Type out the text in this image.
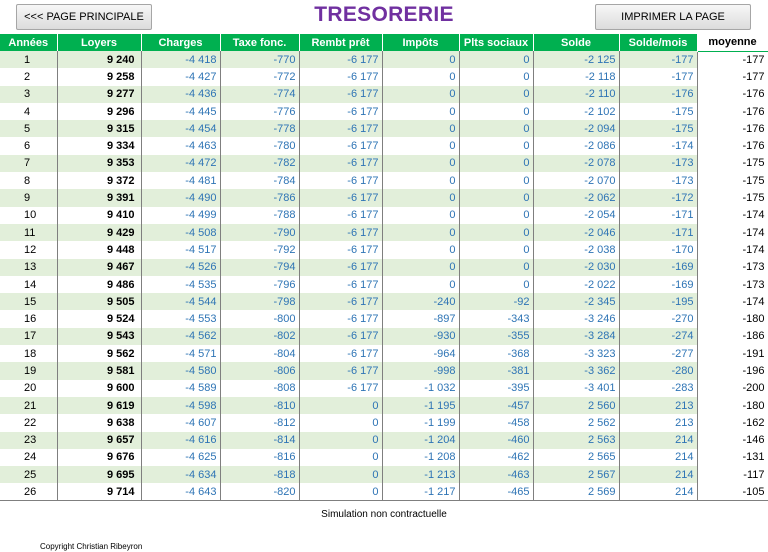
<<< PAGE PRINCIPALE	TRESORERIE	IMPRIMER LA PAGE
Années	Loyers	Charges	Taxe fonc.	Rembt prêt	Impôts	Plts sociaux	Solde	Solde/mois	moyenne
1	9 240	-4 418	-770	-6 177	0	0	-2 125	-177	-177
2	9 258	-4 427	-772	-6 177	0	0	-2 118	-177	-177
3	9 277	-4 436	-774	-6 177	0	0	-2 110	-176	-176
4	9 296	-4 445	-776	-6 177	0	0	-2 102	-175	-176
5	9 315	-4 454	-778	-6 177	0	0	-2 094	-175	-176
6	9 334	-4 463	-780	-6 177	0	0	-2 086	-174	-176
7	9 353	-4 472	-782	-6 177	0	0	-2 078	-173	-175
8	9 372	-4 481	-784	-6 177	0	0	-2 070	-173	-175
9	9 391	-4 490	-786	-6 177	0	0	-2 062	-172	-175
10	9 410	-4 499	-788	-6 177	0	0	-2 054	-171	-174
11	9 429	-4 508	-790	-6 177	0	0	-2 046	-171	-174
12	9 448	-4 517	-792	-6 177	0	0	-2 038	-170	-174
13	9 467	-4 526	-794	-6 177	0	0	-2 030	-169	-173
14	9 486	-4 535	-796	-6 177	0	0	-2 022	-169	-173
15	9 505	-4 544	-798	-6 177	-240	-92	-2 345	-195	-174
16	9 524	-4 553	-800	-6 177	-897	-343	-3 246	-270	-180
17	9 543	-4 562	-802	-6 177	-930	-355	-3 284	-274	-186
18	9 562	-4 571	-804	-6 177	-964	-368	-3 323	-277	-191
19	9 581	-4 580	-806	-6 177	-998	-381	-3 362	-280	-196
20	9 600	-4 589	-808	-6 177	-1 032	-395	-3 401	-283	-200
21	9 619	-4 598	-810	0	-1 195	-457	2 560	213	-180
22	9 638	-4 607	-812	0	-1 199	-458	2 562	213	-162
23	9 657	-4 616	-814	0	-1 204	-460	2 563	214	-146
24	9 676	-4 625	-816	0	-1 208	-462	2 565	214	-131
25	9 695	-4 634	-818	0	-1 213	-463	2 567	214	-117
26	9 714	-4 643	-820	0	-1 217	-465	2 569	214	-105
Simulation non contractuelle
Copyright Christian Ribeyron
